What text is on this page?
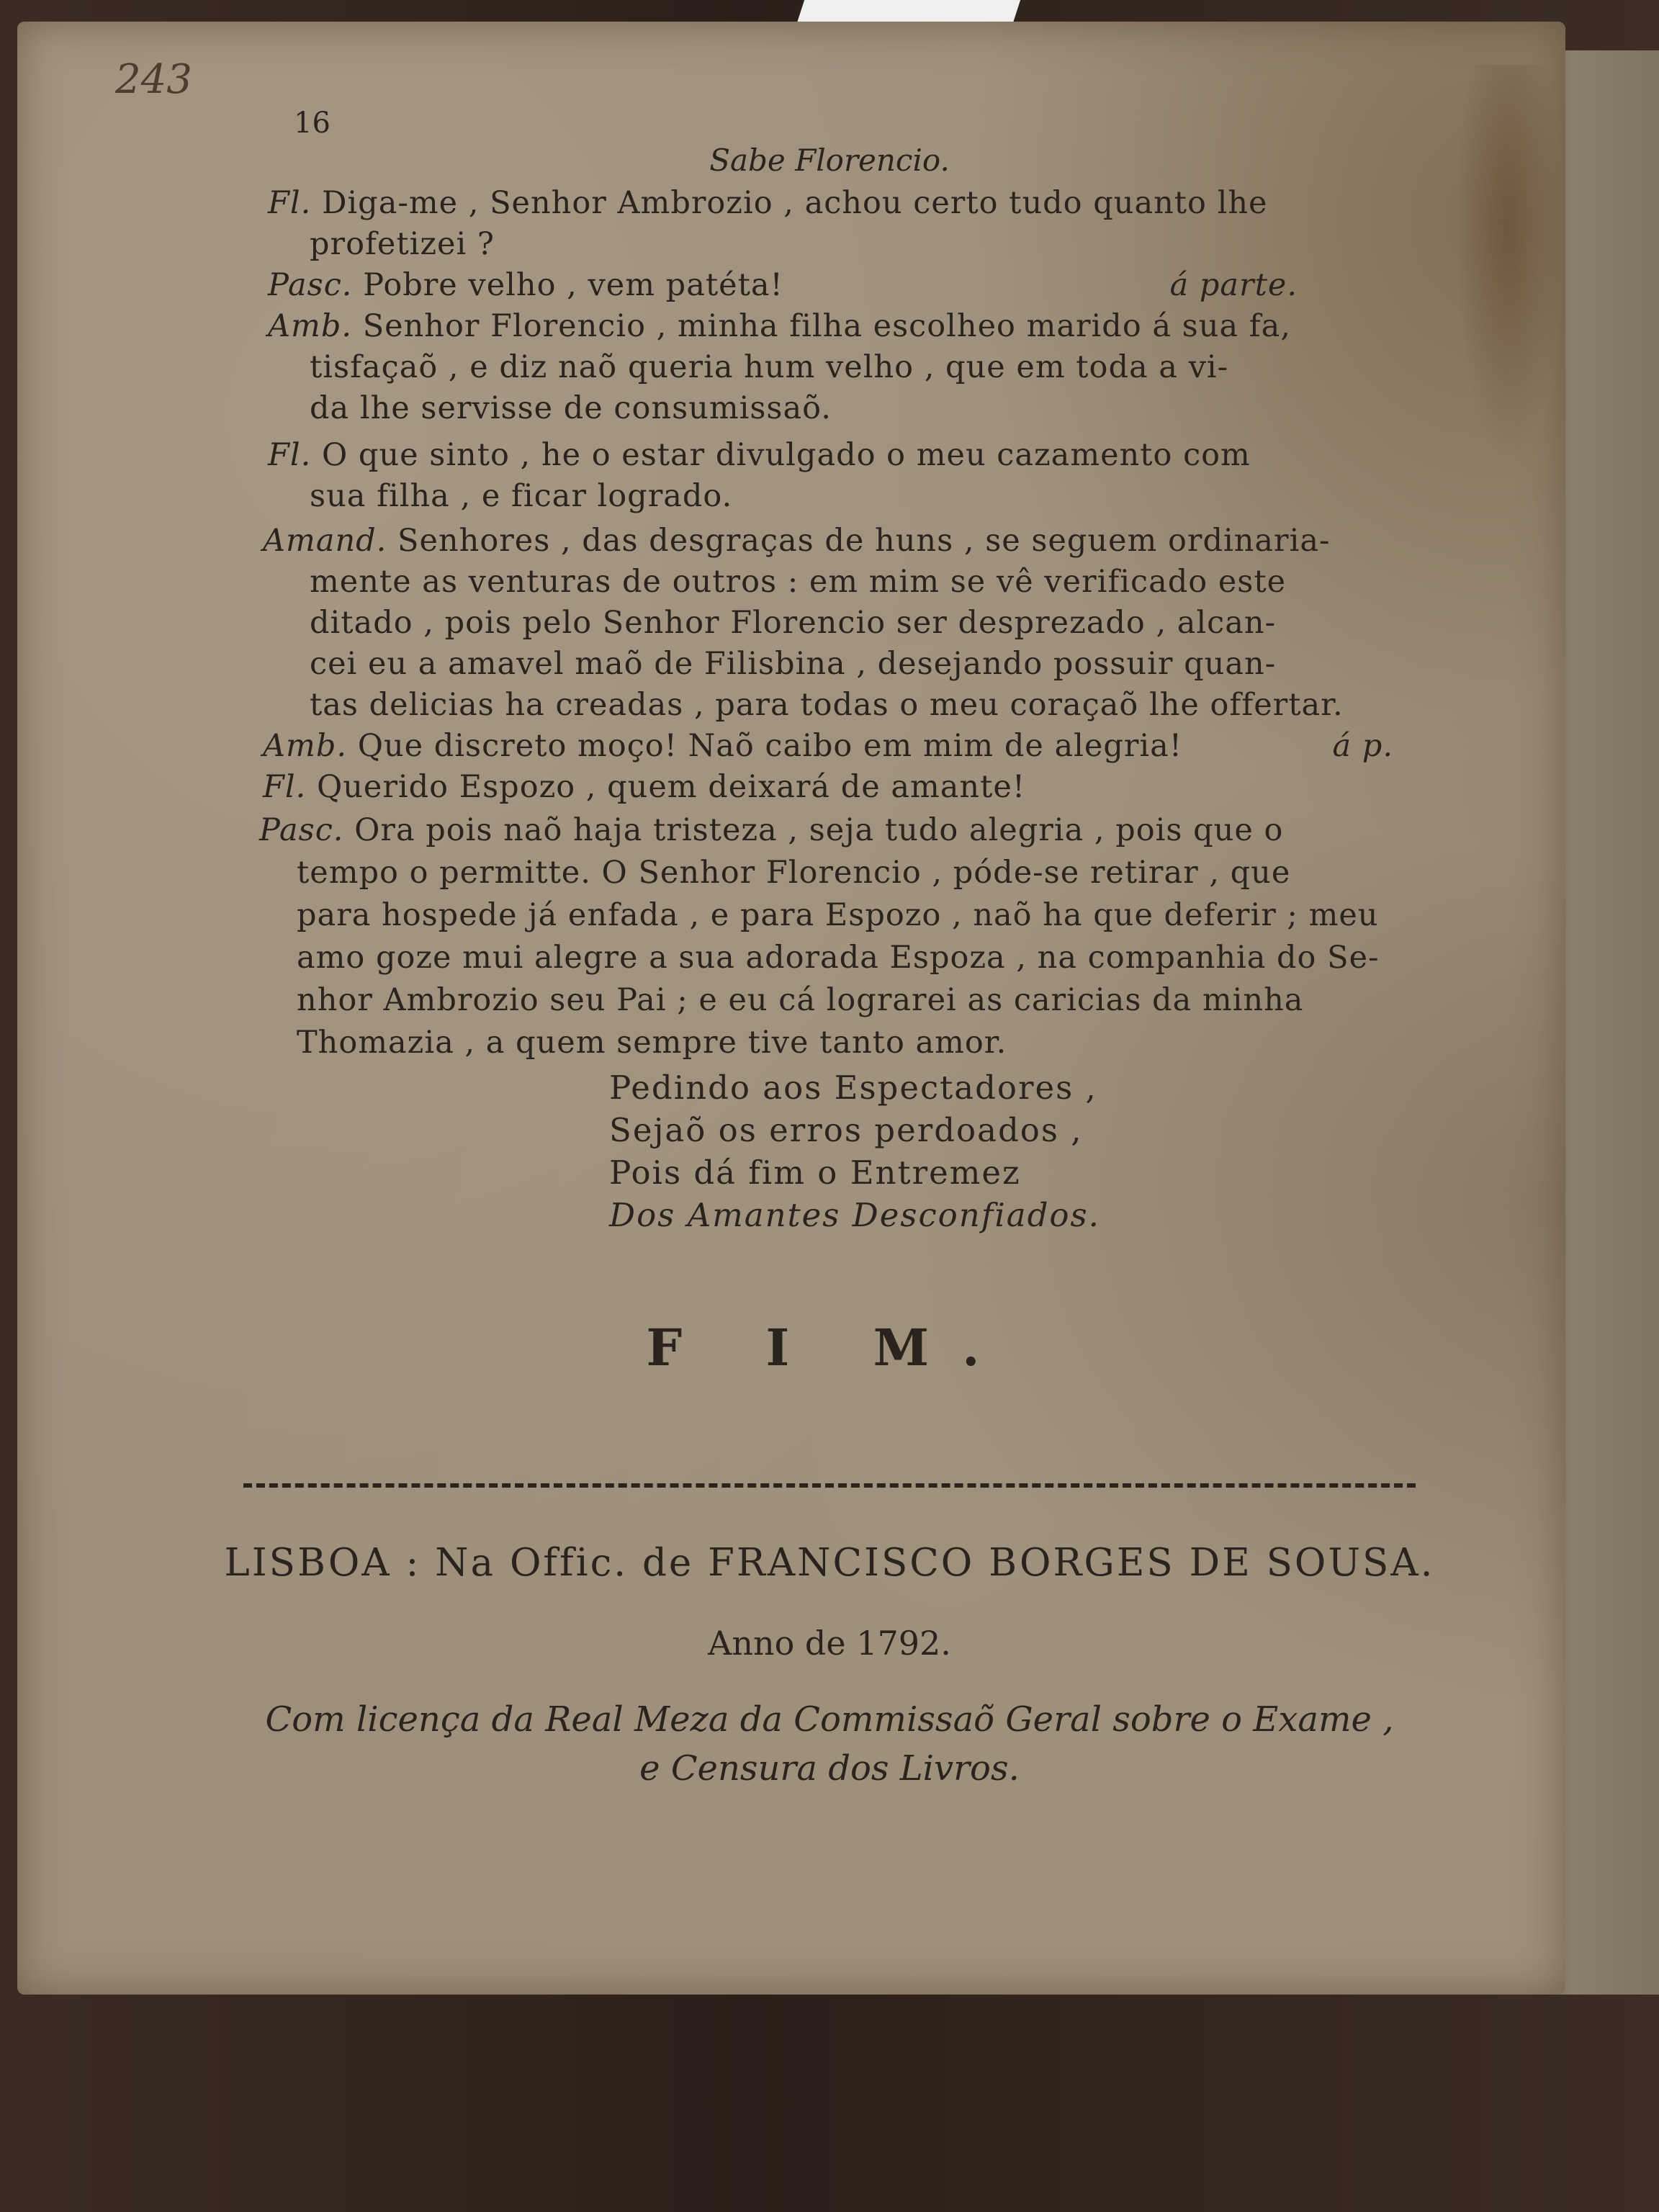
243
16
Sabe Florencio.
Fl. Diga-me , Senhor Ambrozio , achou certo tudo quanto lhe
profetizei ?
Pasc. Pobre velho , vem patéta!	á parte.
Amb. Senhor Florencio , minha filha escolheo marido á sua fa,
tisfaçaõ , e diz naõ queria hum velho , que em toda a vi-
da lhe servisse de consumissaõ.
Fl. O que sinto , he o estar divulgado o meu cazamento com
sua filha , e ficar logrado.
Amand. Senhores , das desgraças de huns , se seguem ordinaria-
mente as venturas de outros : em mim se vê verificado este
ditado , pois pelo Senhor Florencio ser desprezado , alcan-
cei eu a amavel maõ de Filisbina , desejando possuir quan-
tas delicias ha creadas , para todas o meu coraçaõ lhe offertar.
Amb. Que discreto moço! Naõ caibo em mim de alegria!	á p.
Fl. Querido Espozo , quem deixará de amante!
Pasc. Ora pois naõ haja tristeza , seja tudo alegria , pois que o
tempo o permitte. O Senhor Florencio , póde-se retirar , que
para hospede já enfada , e para Espozo , naõ ha que deferir ; meu
amo goze mui alegre a sua adorada Espoza , na companhia do Se-
nhor Ambrozio seu Pai ; e eu cá lograrei as caricias da minha
Thomazia , a quem sempre tive tanto amor.
Pedindo aos Espectadores ,
Sejaõ os erros perdoados ,
Pois dá fim o Entremez
Dos Amantes Desconfiados.
F I M.
LISBOA : Na Offic. de FRANCISCO BORGES DE SOUSA.
Anno de 1792.
Com licença da Real Meza da Commissaõ Geral sobre o Exame ,
e Censura dos Livros.
